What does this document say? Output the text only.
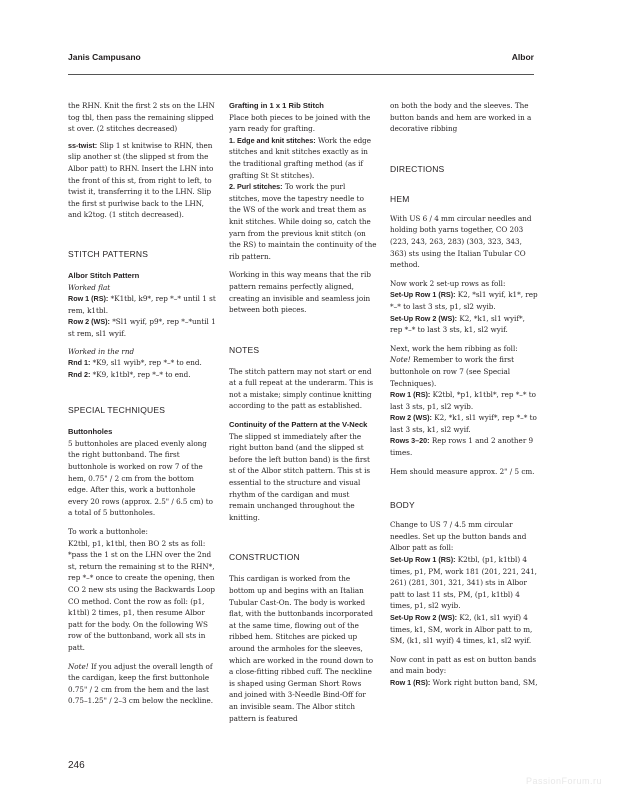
Janis Campusano	Albor

the RHN. Knit the first 2 sts on the LHN tog tbl, then pass the remaining slipped st over. (2 stitches decreased)

ss-twist: Slip 1 st knitwise to RHN, then slip another st (the slipped st from the Albor patt) to RHN. Insert the LHN into the front of this st, from right to left, to twist it, transferring it to the LHN. Slip the first st purlwise back to the LHN, and k2tog. (1 stitch decreased).

STITCH PATTERNS

Albor Stitch Pattern

Worked flat

Row 1 (RS): *K1tbl, k9*, rep *–* until 1 st rem, k1tbl.

Row 2 (WS): *Sl1 wyif, p9*, rep *–*until 1 st rem, sl1 wyif.

Worked in the rnd

Rnd 1: *K9, sl1 wyib*, rep *–* to end.

Rnd 2: *K9, k1tbl*, rep *–* to end.

SPECIAL TECHNIQUES

Buttonholes

5 buttonholes are placed evenly along the right buttonband. The first buttonhole is worked on row 7 of the hem, 0.75" / 2 cm from the bottom edge. After this, work a buttonhole every 20 rows (approx. 2.5" / 6.5 cm) to a total of 5 buttonholes.

To work a buttonhole:

K2tbl, p1, k1tbl, then BO 2 sts as foll: *pass the 1 st on the LHN over the 2nd st, return the remaining st to the RHN*, rep *–* once to create the opening, then CO 2 new sts using the Backwards Loop CO method. Cont the row as foll: (p1, k1tbl) 2 times, p1, then resume Albor patt for the body. On the following WS row of the buttonband, work all sts in patt.

Note! If you adjust the overall length of the cardigan, keep the first buttonhole 0.75" / 2 cm from the hem and the last 0.75–1.25" / 2–3 cm below the neckline.

Grafting in 1 x 1 Rib Stitch

Place both pieces to be joined with the yarn ready for grafting.

1. Edge and knit stitches: Work the edge stitches and knit stitches exactly as in the traditional grafting method (as if grafting St St stitches).

2. Purl stitches: To work the purl stitches, move the tapestry needle to the WS of the work and treat them as knit stitches. While doing so, catch the yarn from the previous knit stitch (on the RS) to maintain the continuity of the rib pattern.

Working in this way means that the rib pattern remains perfectly aligned, creating an invisible and seamless join between both pieces.

NOTES

The stitch pattern may not start or end at a full repeat at the underarm. This is not a mistake; simply continue knitting according to the patt as established.

Continuity of the Pattern at the V-Neck

The slipped st immediately after the right button band (and the slipped st before the left button band) is the first st of the Albor stitch pattern. This st is essential to the structure and visual rhythm of the cardigan and must remain unchanged throughout the knitting.

CONSTRUCTION

This cardigan is worked from the bottom up and begins with an Italian Tubular Cast-On. The body is worked flat, with the buttonbands incorporated at the same time, flowing out of the ribbed hem. Stitches are picked up around the armholes for the sleeves, which are worked in the round down to a close-fitting ribbed cuff. The neckline is shaped using German Short Rows and joined with 3-Needle Bind-Off for an invisible seam. The Albor stitch pattern is featured

on both the body and the sleeves. The button bands and hem are worked in a decorative ribbing

DIRECTIONS

HEM

With US 6 / 4 mm circular needles and holding both yarns together, CO 203 (223, 243, 263, 283) (303, 323, 343, 363) sts using the Italian Tubular CO method.

Now work 2 set-up rows as foll:

Set-Up Row 1 (RS): K2, *sl1 wyif, k1*, rep *–* to last 3 sts, p1, sl2 wyib.

Set-Up Row 2 (WS): K2, *k1, sl1 wyif*, rep *–* to last 3 sts, k1, sl2 wyif.

Next, work the hem ribbing as foll:

Note! Remember to work the first buttonhole on row 7 (see Special Techniques).

Row 1 (RS): K2tbl, *p1, k1tbl*, rep *–* to last 3 sts, p1, sl2 wyib.

Row 2 (WS): K2, *k1, sl1 wyif*, rep *–* to last 3 sts, k1, sl2 wyif.

Rows 3–20: Rep rows 1 and 2 another 9 times.

Hem should measure approx. 2" / 5 cm.

BODY

Change to US 7 / 4.5 mm circular needles. Set up the button bands and Albor patt as foll:

Set-Up Row 1 (RS): K2tbl, (p1, k1tbl) 4 times, p1, PM, work 181 (201, 221, 241, 261) (281, 301, 321, 341) sts in Albor patt to last 11 sts, PM, (p1, k1tbl) 4 times, p1, sl2 wyib.

Set-Up Row 2 (WS): K2, (k1, sl1 wyif) 4 times, k1, SM, work in Albor patt to m, SM, (k1, sl1 wyif) 4 times, k1, sl2 wyif.

Now cont in patt as est on button bands and main body:

Row 1 (RS): Work right button band, SM,

246
PassionForum.ru
